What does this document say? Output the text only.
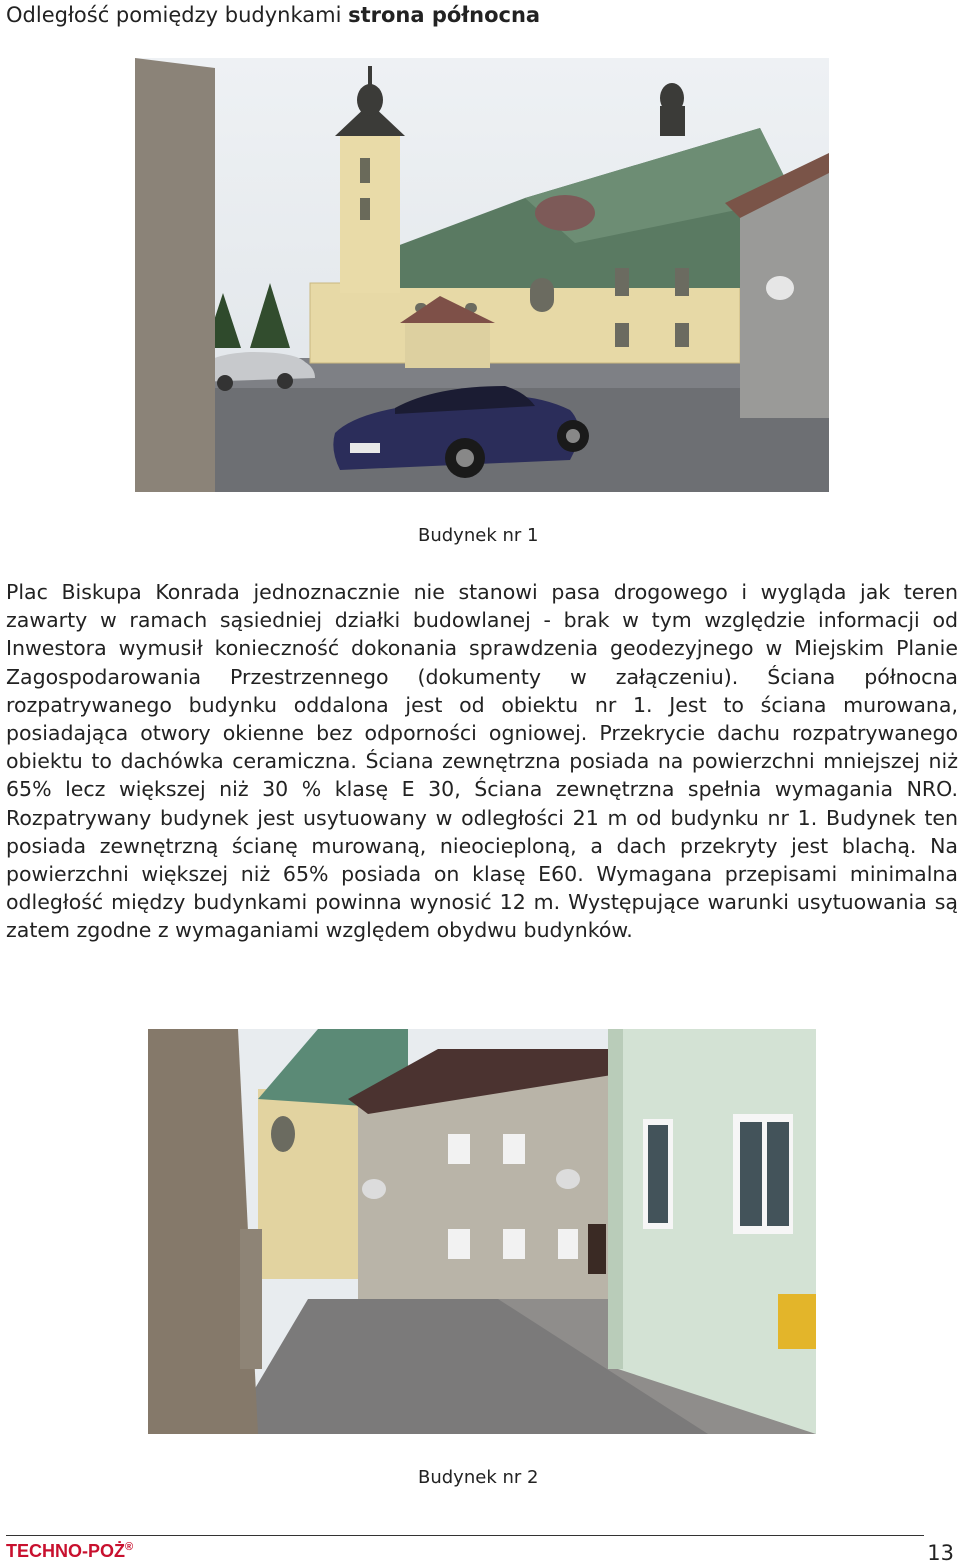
Odległość pomiędzy budynkami strona północna
Budynek nr 1

Plac Biskupa Konrada jednoznacznie nie stanowi pasa drogowego i wygląda jak teren zawarty w ramach sąsiedniej działki budowlanej - brak w tym względzie informacji od Inwestora wymusił konieczność dokonania sprawdzenia geodezyjnego w Miejskim Planie Zagospodarowania Przestrzennego (dokumenty w załączeniu). Ściana północna rozpatrywanego budynku oddalona jest od obiektu nr 1. Jest to ściana murowana, posiadająca otwory okienne bez odporności ogniowej. Przekrycie dachu rozpatrywanego obiektu to dachówka ceramiczna. Ściana zewnętrzna posiada na powierzchni mniejszej niż 65% lecz większej niż 30 % klasę E 30, Ściana zewnętrzna spełnia wymagania NRO. Rozpatrywany budynek jest usytuowany w odległości 21 m od budynku nr 1. Budynek ten posiada zewnętrzną ścianę murowaną, nieocieploną, a dach przekryty jest blachą. Na powierzchni większej niż 65% posiada on klasę E60. Wymagana przepisami minimalna odległość między budynkami powinna wynosić 12 m. Występujące warunki usytuowania są zatem zgodne z wymaganiami względem obydwu budynków.

Budynek nr 2
TECHNO-POŻ®	13
